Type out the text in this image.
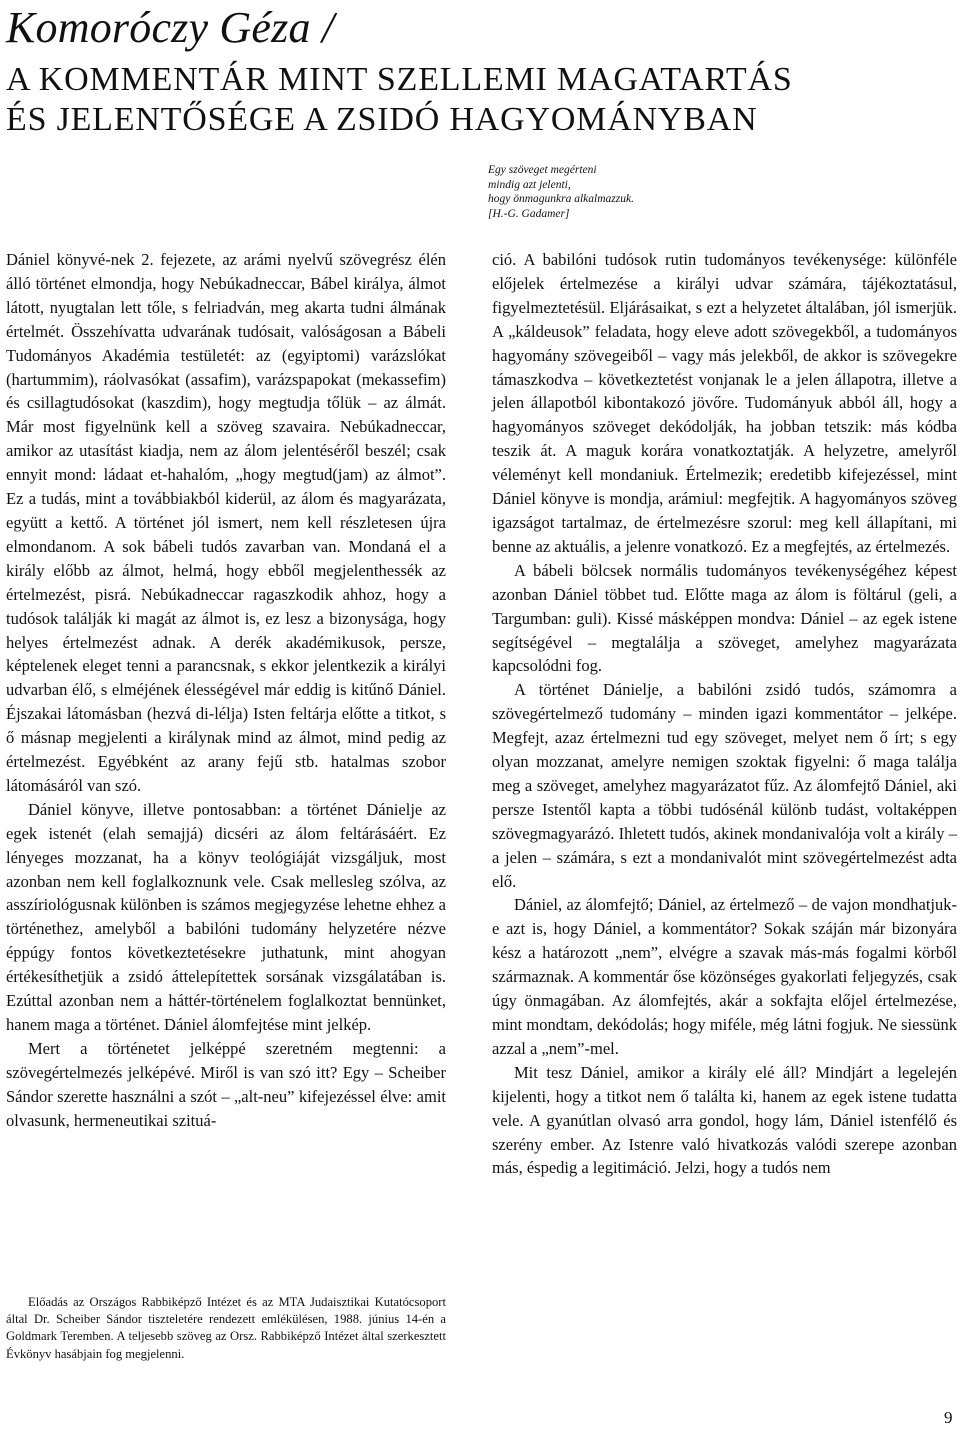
Komoróczy Géza /
A KOMMENTÁR MINT SZELLEMI MAGATARTÁS
ÉS JELENTŐSÉGE A ZSIDÓ HAGYOMÁNYBAN
Egy szöveget megérteni
mindig azt jelenti,
hogy önmagunkra alkalmazzuk.
[H.-G. Gadamer]

Dániel könyvé-nek 2. fejezete, az arámi nyelvű szövegrész élén álló történet elmondja, hogy Nebúkadneccar, Bábel királya, álmot látott, nyugtalan lett tőle, s felriadván, meg akarta tudni álmának értelmét. Összehívatta udvarának tudósait, valóságosan a Bábeli Tudományos Akadémia testületét: az (egyiptomi) varázslókat (hartummim), ráolvasókat (assafim), varázspapokat (mekassefim) és csillagtudósokat (kaszdim), hogy megtudja tőlük – az álmát. Már most figyelnünk kell a szöveg szavaira. Nebúkadneccar, amikor az utasítást kiadja, nem az álom jelentéséről beszél; csak ennyit mond: ládaat et-hahalóm, „hogy megtud(jam) az álmot”. Ez a tudás, mint a továbbiakból kiderül, az álom és magyarázata, együtt a kettő. A történet jól ismert, nem kell részletesen újra elmondanom. A sok bábeli tudós zavarban van. Mondaná el a király előbb az álmot, helmá, hogy ebből megjelenthessék az értelmezést, pisrá. Nebúkadneccar ragaszkodik ahhoz, hogy a tudósok találják ki magát az álmot is, ez lesz a bizonysága, hogy helyes értelmezést adnak. A derék akadémikusok, persze, képtelenek eleget tenni a parancsnak, s ekkor jelentkezik a királyi udvarban élő, s elméjének élességével már eddig is kitűnő Dániel. Éjszakai látomásban (hezvá di-lélja) Isten feltárja előtte a titkot, s ő másnap megjelenti a királynak mind az álmot, mind pedig az értelmezést. Egyébként az arany fejű stb. hatalmas szobor látomásáról van szó.

Dániel könyve, illetve pontosabban: a történet Dánielje az egek istenét (elah semajjá) dicséri az álom feltárásáért. Ez lényeges mozzanat, ha a könyv teológiáját vizsgáljuk, most azonban nem kell foglalkoznunk vele. Csak mellesleg szólva, az asszíriológusnak különben is számos megjegyzése lehetne ehhez a történethez, amelyből a babilóni tudomány helyzetére nézve éppúgy fontos következtetésekre juthatunk, mint ahogyan értékesíthetjük a zsidó áttelepítettek sorsának vizsgálatában is. Ezúttal azonban nem a háttér-történelem foglalkoztat bennünket, hanem maga a történet. Dániel álomfejtése mint jelkép.

Mert a történetet jelképpé szeretném megtenni: a szövegértelmezés jelképévé. Miről is van szó itt? Egy – Scheiber Sándor szerette használni a szót – „alt-neu” kifejezéssel élve: amit olvasunk, hermeneutikai szituá-

ció. A babilóni tudósok rutin tudományos tevékenysége: különféle előjelek értelmezése a királyi udvar számára, tájékoztatásul, figyelmeztetésül. Eljárásaikat, s ezt a helyzetet általában, jól ismerjük. A „káldeusok” feladata, hogy eleve adott szövegekből, a tudományos hagyomány szövegeiből – vagy más jelekből, de akkor is szövegekre támaszkodva – következtetést vonjanak le a jelen állapotra, illetve a jelen állapotból kibontakozó jövőre. Tudományuk abból áll, hogy a hagyományos szöveget dekódolják, ha jobban tetszik: más kódba teszik át. A maguk korára vonatkoztatják. A helyzetre, amelyről véleményt kell mondaniuk. Értelmezik; eredetibb kifejezéssel, mint Dániel könyve is mondja, arámiul: megfejtik. A hagyományos szöveg igazságot tartalmaz, de értelmezésre szorul: meg kell állapítani, mi benne az aktuális, a jelenre vonatkozó. Ez a megfejtés, az értelmezés.

A bábeli bölcsek normális tudományos tevékenységéhez képest azonban Dániel többet tud. Előtte maga az álom is föltárul (geli, a Targumban: guli). Kissé másképpen mondva: Dániel – az egek istene segítségével – megtalálja a szöveget, amelyhez magyarázata kapcsolódni fog.

A történet Dánielje, a babilóni zsidó tudós, számomra a szövegértelmező tudomány – minden igazi kommentátor – jelképe. Megfejt, azaz értelmezni tud egy szöveget, melyet nem ő írt; s egy olyan mozzanat, amelyre nemigen szoktak figyelni: ő maga találja meg a szöveget, amelyhez magyarázatot fűz. Az álomfejtő Dániel, aki persze Istentől kapta a többi tudósénál különb tudást, voltaképpen szövegmagyarázó. Ihletett tudós, akinek mondanivalója volt a király – a jelen – számára, s ezt a mondanivalót mint szövegértelmezést adta elő.

Dániel, az álomfejtő; Dániel, az értelmező – de vajon mondhatjuk-e azt is, hogy Dániel, a kommentátor? Sokak száján már bizonyára kész a határozott „nem”, elvégre a szavak más-más fogalmi körből származnak. A kommentár őse közönséges gyakorlati feljegyzés, csak úgy önmagában. Az álomfejtés, akár a sokfajta előjel értelmezése, mint mondtam, dekódolás; hogy miféle, még látni fogjuk. Ne siessünk azzal a „nem”-mel.

Mit tesz Dániel, amikor a király elé áll? Mindjárt a legelején kijelenti, hogy a titkot nem ő találta ki, hanem az egek istene tudatta vele. A gyanútlan olvasó arra gondol, hogy lám, Dániel istenfélő és szerény ember. Az Istenre való hivatkozás valódi szerepe azonban más, éspedig a legitimáció. Jelzi, hogy a tudós nem

Előadás az Országos Rabbiképző Intézet és az MTA Judaisztikai Kutatócsoport által Dr. Scheiber Sándor tiszteletére rendezett emlékülésen, 1988. június 14-én a Goldmark Teremben. A teljesebb szöveg az Orsz. Rabbiképző Intézet által szerkesztett Évkönyv hasábjain fog megjelenni.
9
